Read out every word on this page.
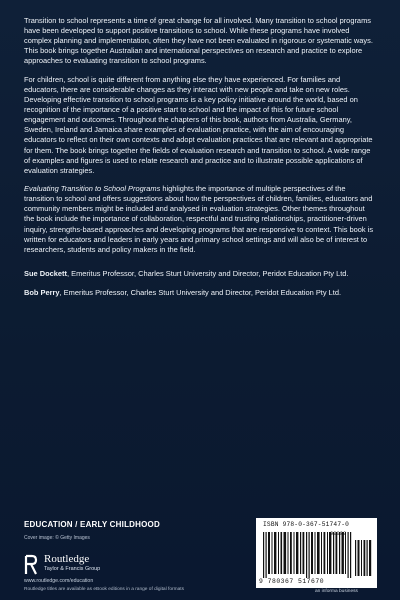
Transition to school represents a time of great change for all involved. Many transition to school programs have been developed to support positive transitions to school. While these programs have involved complex planning and implementation, often they have not been evaluated in rigorous or systematic ways. This book brings together Australian and international perspectives on research and practice to explore approaches to evaluating transition to school programs.

For children, school is quite different from anything else they have experienced. For families and educators, there are considerable changes as they interact with new people and take on new roles. Developing effective transition to school programs is a key policy initiative around the world, based on recognition of the importance of a positive start to school and the impact of this for future school engagement and outcomes. Throughout the chapters of this book, authors from Australia, Germany, Sweden, Ireland and Jamaica share examples of evaluation practice, with the aim of encouraging educators to reflect on their own contexts and adopt evaluation practices that are relevant and appropriate for them. The book brings together the fields of evaluation research and transition to school. A wide range of examples and figures is used to relate research and practice and to illustrate possible applications of evaluation strategies.

Evaluating Transition to School Programs highlights the importance of multiple perspectives of the transition to school and offers suggestions about how the perspectives of children, families, educators and community members might be included and analysed in evaluation strategies. Other themes throughout the book include the importance of collaboration, respectful and trusting relationships, practitioner-driven inquiry, strengths-based approaches and developing programs that are responsive to context. This book is written for educators and leaders in early years and primary school settings and will also be of interest to researchers, students and policy makers in the field.

Sue Dockett, Emeritus Professor, Charles Sturt University and Director, Peridot Education Pty Ltd.

Bob Perry, Emeritus Professor, Charles Sturt University and Director, Peridot Education Pty Ltd.

EDUCATION / EARLY CHILDHOOD
Cover image: © Getty Images
Routledge
Taylor & Francis Group
www.routledge.com/education
Routledge titles are available as eBook editions in a range of digital formats
ISBN 978-0-367-51747-0
90000
9 780367 517670
an informa business
